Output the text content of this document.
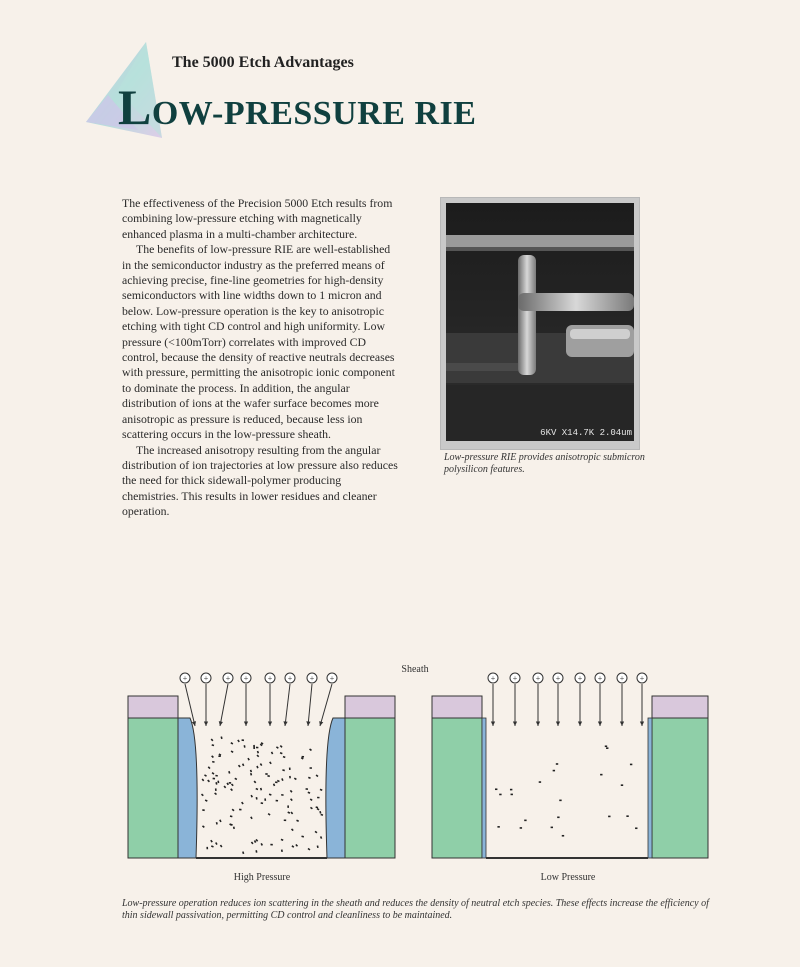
The 5000 Etch Advantages
LOW-PRESSURE RIE

The effectiveness of the Precision 5000 Etch results from combining low-pressure etching with magnetically enhanced plasma in a multi-chamber architecture.

The benefits of low-pressure RIE are well-established in the semiconductor industry as the preferred means of achieving precise, fine-line geometries for high-density semiconductors with line widths down to 1 micron and below. Low-pressure operation is the key to anisotropic etching with tight CD control and high uniformity. Low pressure (<100mTorr) correlates with improved CD control, because the density of reactive neutrals decreases with pressure, permitting the anisotropic ionic component to dominate the process. In addition, the angular distribution of ions at the wafer surface becomes more anisotropic as pressure is reduced, because less ion scattering occurs in the low-pressure sheath.

The increased anisotropy resulting from the angular distribution of ion trajectories at low pressure also reduces the need for thick sidewall-polymer producing chemistries. This results in lower residues and cleaner operation.

6KV X14.7K 2.04um
Low-pressure RIE provides anisotropic submicron polysilicon features.
Sheath
+ + + + + + + +
High Pressure
+ + + + + + + +
Low Pressure
Low-pressure operation reduces ion scattering in the sheath and reduces the density of neutral etch species. These effects increase the efficiency of thin sidewall passivation, permitting CD control and cleanliness to be maintained.
